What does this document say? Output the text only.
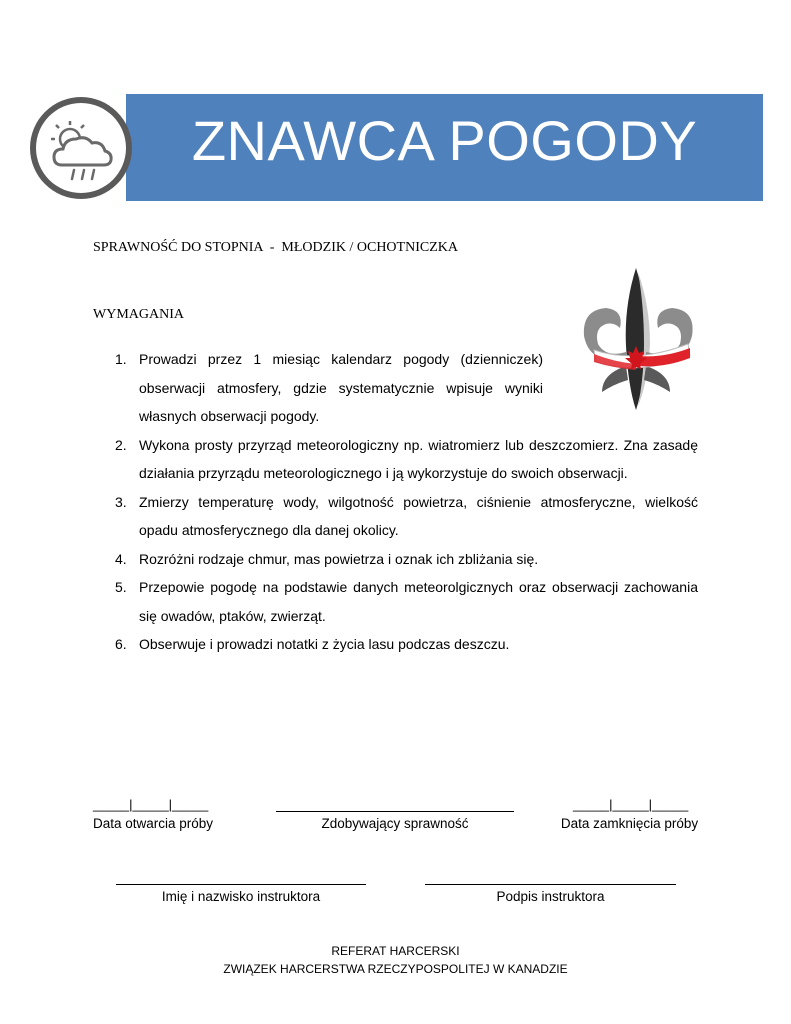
ZNAWCA POGODY
SPRAWNOŚĆ DO STOPNIA  -  MŁODZIK / OCHOTNICZKA
WYMAGANIA
1. Prowadzi przez 1 miesiąc kalendarz pogody (dzienniczek) obserwacji atmosfery, gdzie systematycznie wpisuje wyniki własnych obserwacji pogody.
2. Wykona prosty przyrząd meteorologiczny np. wiatromierz lub deszczomierz. Zna zasadę działania przyrządu meteorologicznego i ją wykorzystuje do swoich obserwacji.
3. Zmierzy temperaturę wody, wilgotność powietrza, ciśnienie atmosferyczne, wielkość opadu atmosferycznego dla danej okolicy.
4. Rozróżni rodzaje chmur, mas powietrza i oznak ich zbliżania się.
5. Przepowie pogodę na podstawie danych meteorolgicznych oraz obserwacji zachowania się owadów, ptaków, zwierząt.
6. Obserwuje i prowadzi notatki z życia lasu podczas deszczu.
_____|_____|_____
Data otwarcia próby	Zdobywający sprawność
_____|_____|_____
Data zamknięcia próby
Imię i nazwisko instruktora	Podpis instruktora
REFERAT HARCERSKI
ZWIĄZEK HARCERSTWA RZECZYPOSPOLITEJ W KANADZIE
